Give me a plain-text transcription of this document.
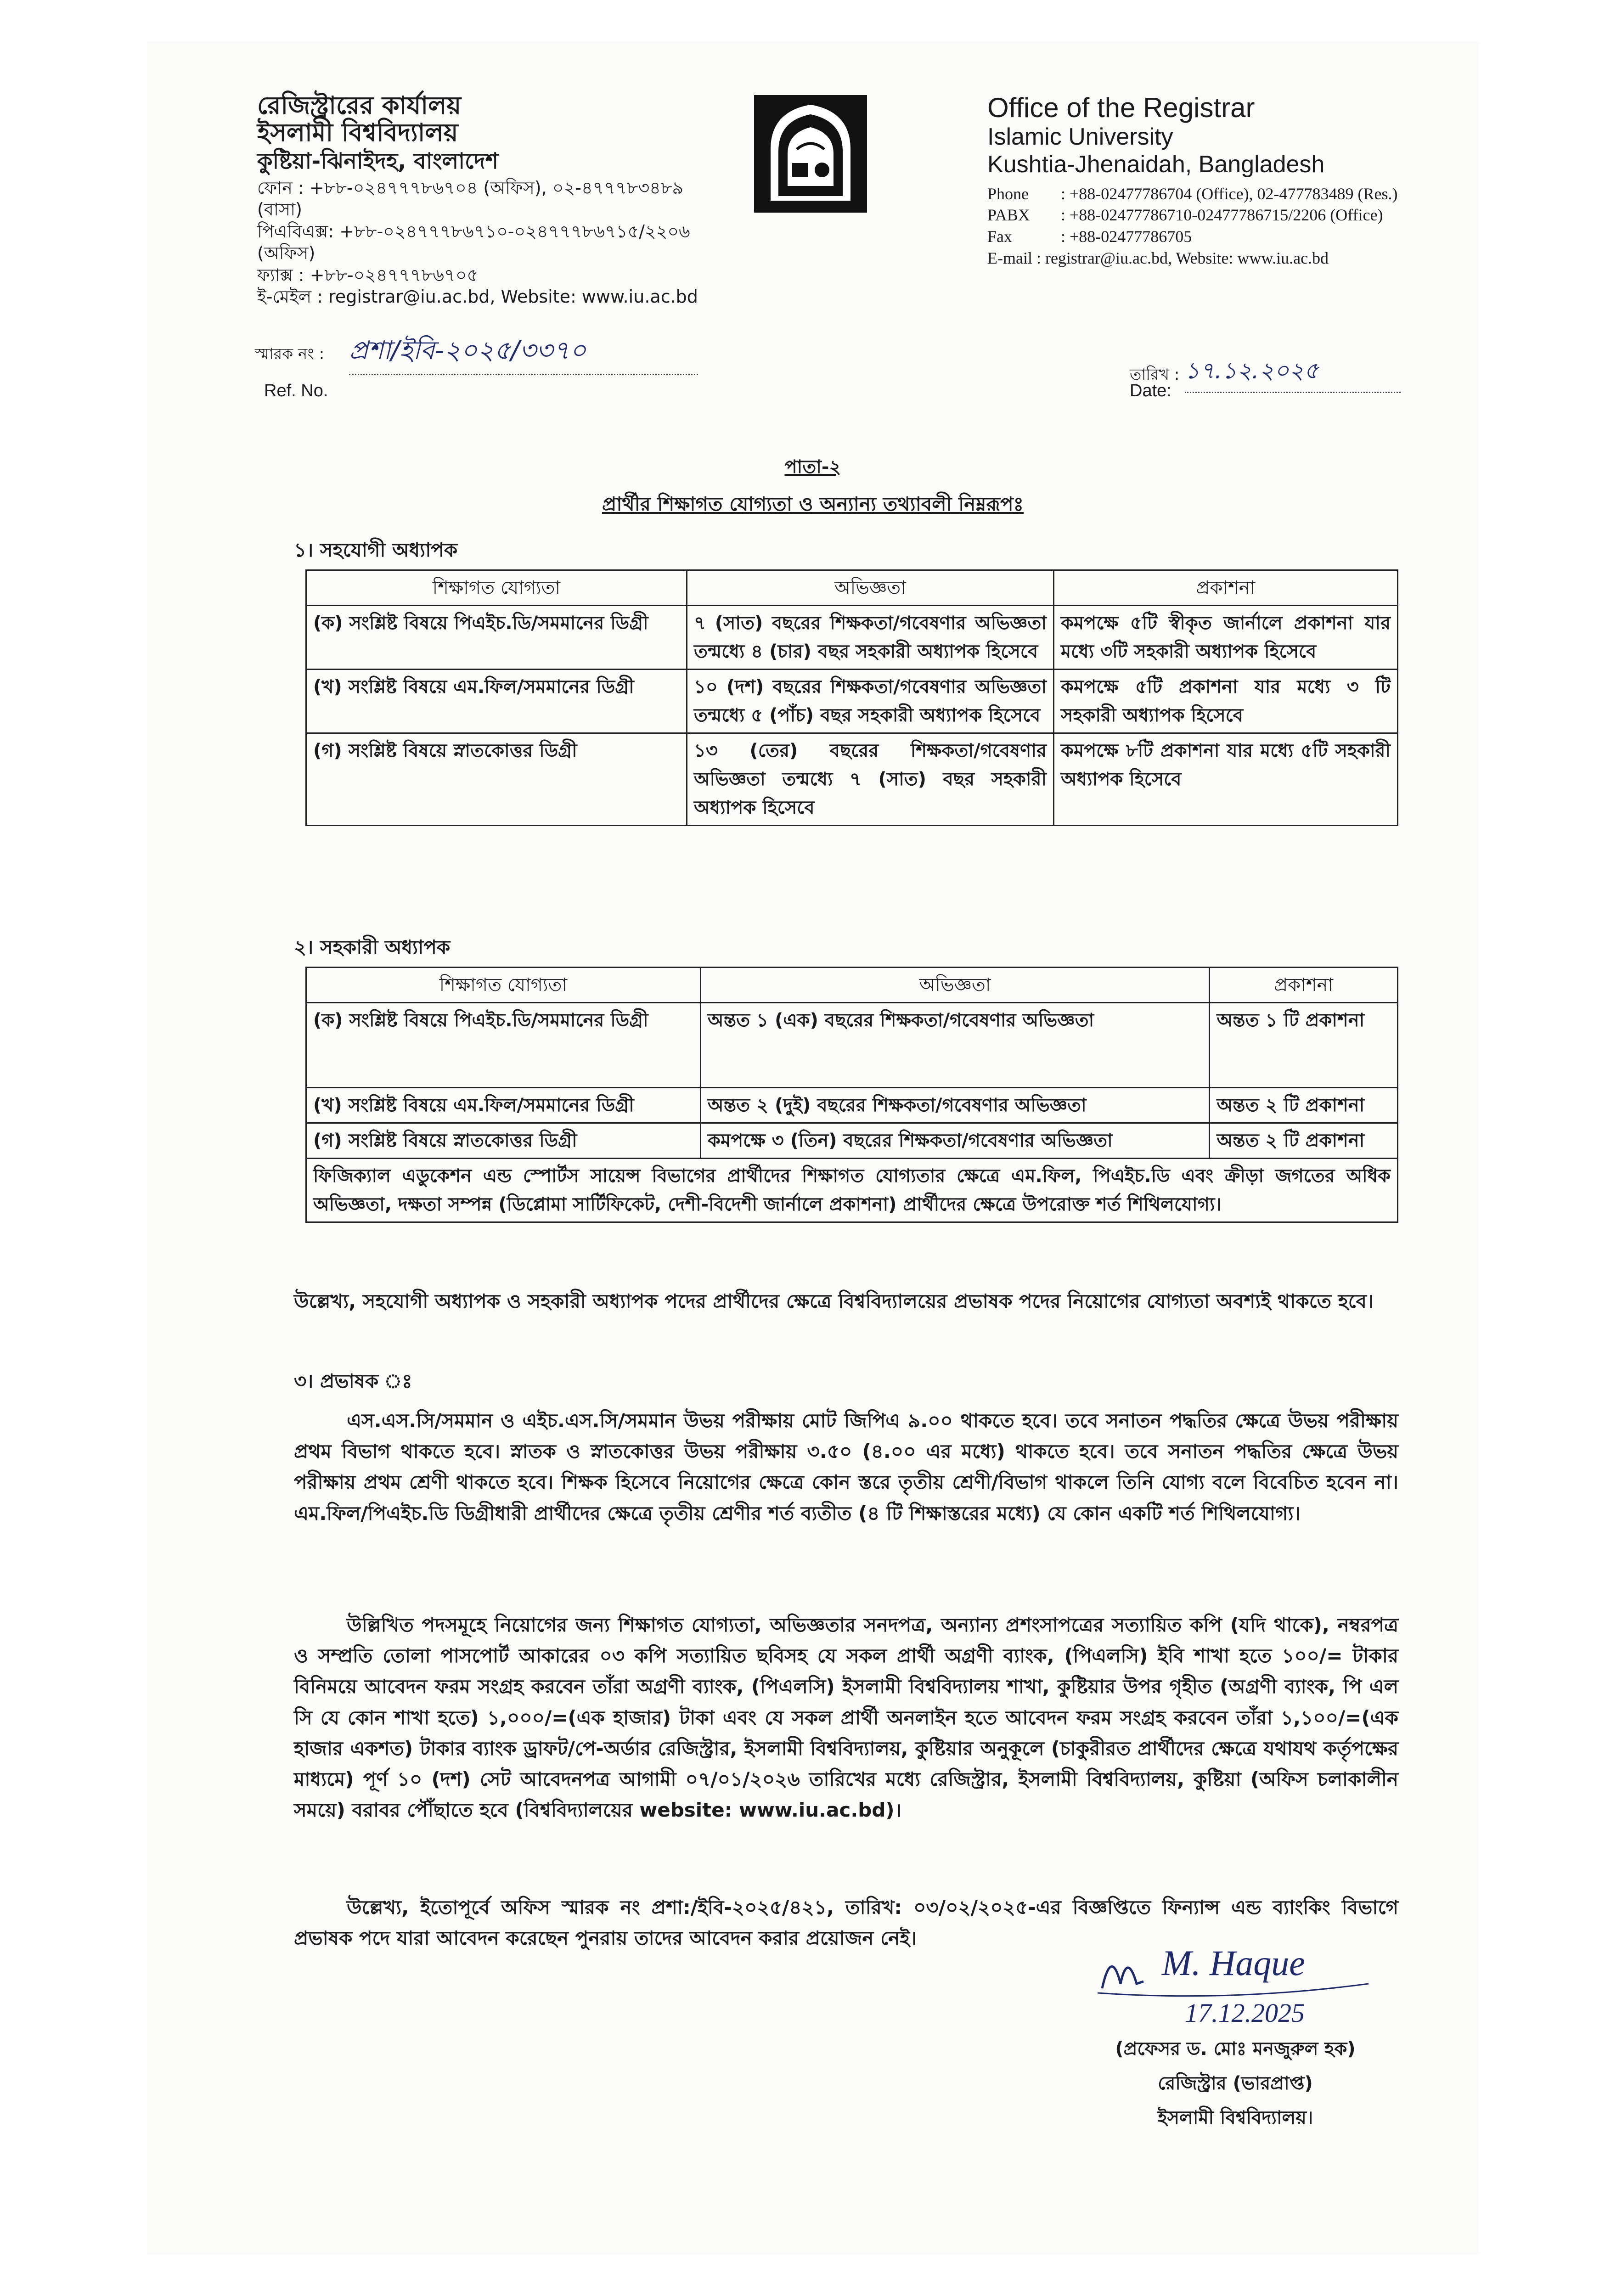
রেজিস্ট্রারের কার্যালয়
ইসলামী বিশ্ববিদ্যালয়
কুষ্টিয়া-ঝিনাইদহ, বাংলাদেশ
ফোন : +৮৮-০২৪৭৭৭৮৬৭০৪ (অফিস), ০২-৪৭৭৭৮৩৪৮৯ (বাসা)
পিএবিএক্স: +৮৮-০২৪৭৭৭৮৬৭১০-০২৪৭৭৭৮৬৭১৫/২২০৬ (অফিস)
ফ্যাক্স : +৮৮-০২৪৭৭৭৮৬৭০৫
ই-মেইল : registrar@iu.ac.bd, Website: www.iu.ac.bd
Office of the Registrar
Islamic University
Kushtia-Jhenaidah, Bangladesh
Phone : +88-02477786704 (Office), 02-477783489 (Res.)
PABX : +88-02477786710-02477786715/2206 (Office)
Fax	: +88-02477786705
E-mail : registrar@iu.ac.bd, Website: www.iu.ac.bd
স্মারক নং : প্রশা/ইবি-২০২৫/৩৩৭০
Ref. No.
তারিখ : ১৭.১২.২০২৫
Date:
পাতা-২
প্রার্থীর শিক্ষাগত যোগ্যতা ও অন্যান্য তথ্যাবলী নিম্নরূপঃ
১। সহযোগী অধ্যাপক
শিক্ষাগত যোগ্যতা	অভিজ্ঞতা	প্রকাশনা
(ক) সংশ্লিষ্ট বিষয়ে পিএইচ.ডি/সমমানের ডিগ্রী	৭ (সাত) বছরের শিক্ষকতা/গবেষণার অভিজ্ঞতা তন্মধ্যে ৪ (চার) বছর সহকারী অধ্যাপক হিসেবে	কমপক্ষে ৫টি স্বীকৃত জার্নালে প্রকাশনা যার মধ্যে ৩টি সহকারী অধ্যাপক হিসেবে
(খ) সংশ্লিষ্ট বিষয়ে এম.ফিল/সমমানের ডিগ্রী	১০ (দশ) বছরের শিক্ষকতা/গবেষণার অভিজ্ঞতা তন্মধ্যে ৫ (পাঁচ) বছর সহকারী অধ্যাপক হিসেবে	কমপক্ষে ৫টি প্রকাশনা যার মধ্যে ৩ টি সহকারী অধ্যাপক হিসেবে
(গ) সংশ্লিষ্ট বিষয়ে স্নাতকোত্তর ডিগ্রী	১৩ (তের) বছরের শিক্ষকতা/গবেষণার অভিজ্ঞতা তন্মধ্যে ৭ (সাত) বছর সহকারী অধ্যাপক হিসেবে	কমপক্ষে ৮টি প্রকাশনা যার মধ্যে ৫টি সহকারী অধ্যাপক হিসেবে
২। সহকারী অধ্যাপক
শিক্ষাগত যোগ্যতা	অভিজ্ঞতা	প্রকাশনা
(ক) সংশ্লিষ্ট বিষয়ে পিএইচ.ডি/সমমানের ডিগ্রী	অন্তত ১ (এক) বছরের শিক্ষকতা/গবেষণার অভিজ্ঞতা	অন্তত ১ টি প্রকাশনা
(খ) সংশ্লিষ্ট বিষয়ে এম.ফিল/সমমানের ডিগ্রী	অন্তত ২ (দুই) বছরের শিক্ষকতা/গবেষণার অভিজ্ঞতা	অন্তত ২ টি প্রকাশনা
(গ) সংশ্লিষ্ট বিষয়ে স্নাতকোত্তর ডিগ্রী	কমপক্ষে ৩ (তিন) বছরের শিক্ষকতা/গবেষণার অভিজ্ঞতা	অন্তত ২ টি প্রকাশনা
ফিজিক্যাল এডুকেশন এন্ড স্পোর্টস সায়েন্স বিভাগের প্রার্থীদের শিক্ষাগত যোগ্যতার ক্ষেত্রে এম.ফিল, পিএইচ.ডি এবং ক্রীড়া জগতের অধিক অভিজ্ঞতা, দক্ষতা সম্পন্ন (ডিপ্লোমা সার্টিফিকেট, দেশী-বিদেশী জার্নালে প্রকাশনা) প্রার্থীদের ক্ষেত্রে উপরোক্ত শর্ত শিথিলযোগ্য।		
উল্লেখ্য, সহযোগী অধ্যাপক ও সহকারী অধ্যাপক পদের প্রার্থীদের ক্ষেত্রে বিশ্ববিদ্যালয়ের প্রভাষক পদের নিয়োগের যোগ্যতা অবশ্যই থাকতে হবে।
৩। প্রভাষক ঃ
এস.এস.সি/সমমান ও এইচ.এস.সি/সমমান উভয় পরীক্ষায় মোট জিপিএ ৯.০০ থাকতে হবে। তবে সনাতন পদ্ধতির ক্ষেত্রে উভয় পরীক্ষায় প্রথম বিভাগ থাকতে হবে। স্নাতক ও স্নাতকোত্তর উভয় পরীক্ষায় ৩.৫০ (৪.০০ এর মধ্যে) থাকতে হবে। তবে সনাতন পদ্ধতির ক্ষেত্রে উভয় পরীক্ষায় প্রথম শ্রেণী থাকতে হবে। শিক্ষক হিসেবে নিয়োগের ক্ষেত্রে কোন স্তরে তৃতীয় শ্রেণী/বিভাগ থাকলে তিনি যোগ্য বলে বিবেচিত হবেন না। এম.ফিল/পিএইচ.ডি ডিগ্রীধারী প্রার্থীদের ক্ষেত্রে তৃতীয় শ্রেণীর শর্ত ব্যতীত (৪ টি শিক্ষাস্তরের মধ্যে) যে কোন একটি শর্ত শিথিলযোগ্য।
উল্লিখিত পদসমূহে নিয়োগের জন্য শিক্ষাগত যোগ্যতা, অভিজ্ঞতার সনদপত্র, অন্যান্য প্রশংসাপত্রের সত্যায়িত কপি (যদি থাকে), নম্বরপত্র ও সম্প্রতি তোলা পাসপোর্ট আকারের ০৩ কপি সত্যায়িত ছবিসহ যে সকল প্রার্থী অগ্রণী ব্যাংক, (পিএলসি) ইবি শাখা হতে ১০০/= টাকার বিনিময়ে আবেদন ফরম সংগ্রহ করবেন তাঁরা অগ্রণী ব্যাংক, (পিএলসি) ইসলামী বিশ্ববিদ্যালয় শাখা, কুষ্টিয়ার উপর গৃহীত (অগ্রণী ব্যাংক, পি এল সি যে কোন শাখা হতে) ১,০০০/=(এক হাজার) টাকা এবং যে সকল প্রার্থী অনলাইন হতে আবেদন ফরম সংগ্রহ করবেন তাঁরা ১,১০০/=(এক হাজার একশত) টাকার ব্যাংক ড্রাফট/পে-অর্ডার রেজিস্ট্রার, ইসলামী বিশ্ববিদ্যালয়, কুষ্টিয়ার অনুকূলে (চাকুরীরত প্রার্থীদের ক্ষেত্রে যথাযথ কর্তৃপক্ষের মাধ্যমে) পূর্ণ ১০ (দশ) সেট আবেদনপত্র আগামী ০৭/০১/২০২৬ তারিখের মধ্যে রেজিস্ট্রার, ইসলামী বিশ্ববিদ্যালয়, কুষ্টিয়া (অফিস চলাকালীন সময়ে) বরাবর পৌঁছাতে হবে (বিশ্ববিদ্যালয়ের website: www.iu.ac.bd)।
উল্লেখ্য, ইতোপূর্বে অফিস স্মারক নং প্রশা:/ইবি-২০২৫/৪২১, তারিখ: ০৩/০২/২০২৫-এর বিজ্ঞপ্তিতে ফিন্যান্স এন্ড ব্যাংকিং বিভাগে প্রভাষক পদে যারা আবেদন করেছেন পুনরায় তাদের আবেদন করার প্রয়োজন নেই।
M. Haque
17.12.2025
(প্রফেসর ড. মোঃ মনজুরুল হক)
রেজিস্ট্রার (ভারপ্রাপ্ত)
ইসলামী বিশ্ববিদ্যালয়।
